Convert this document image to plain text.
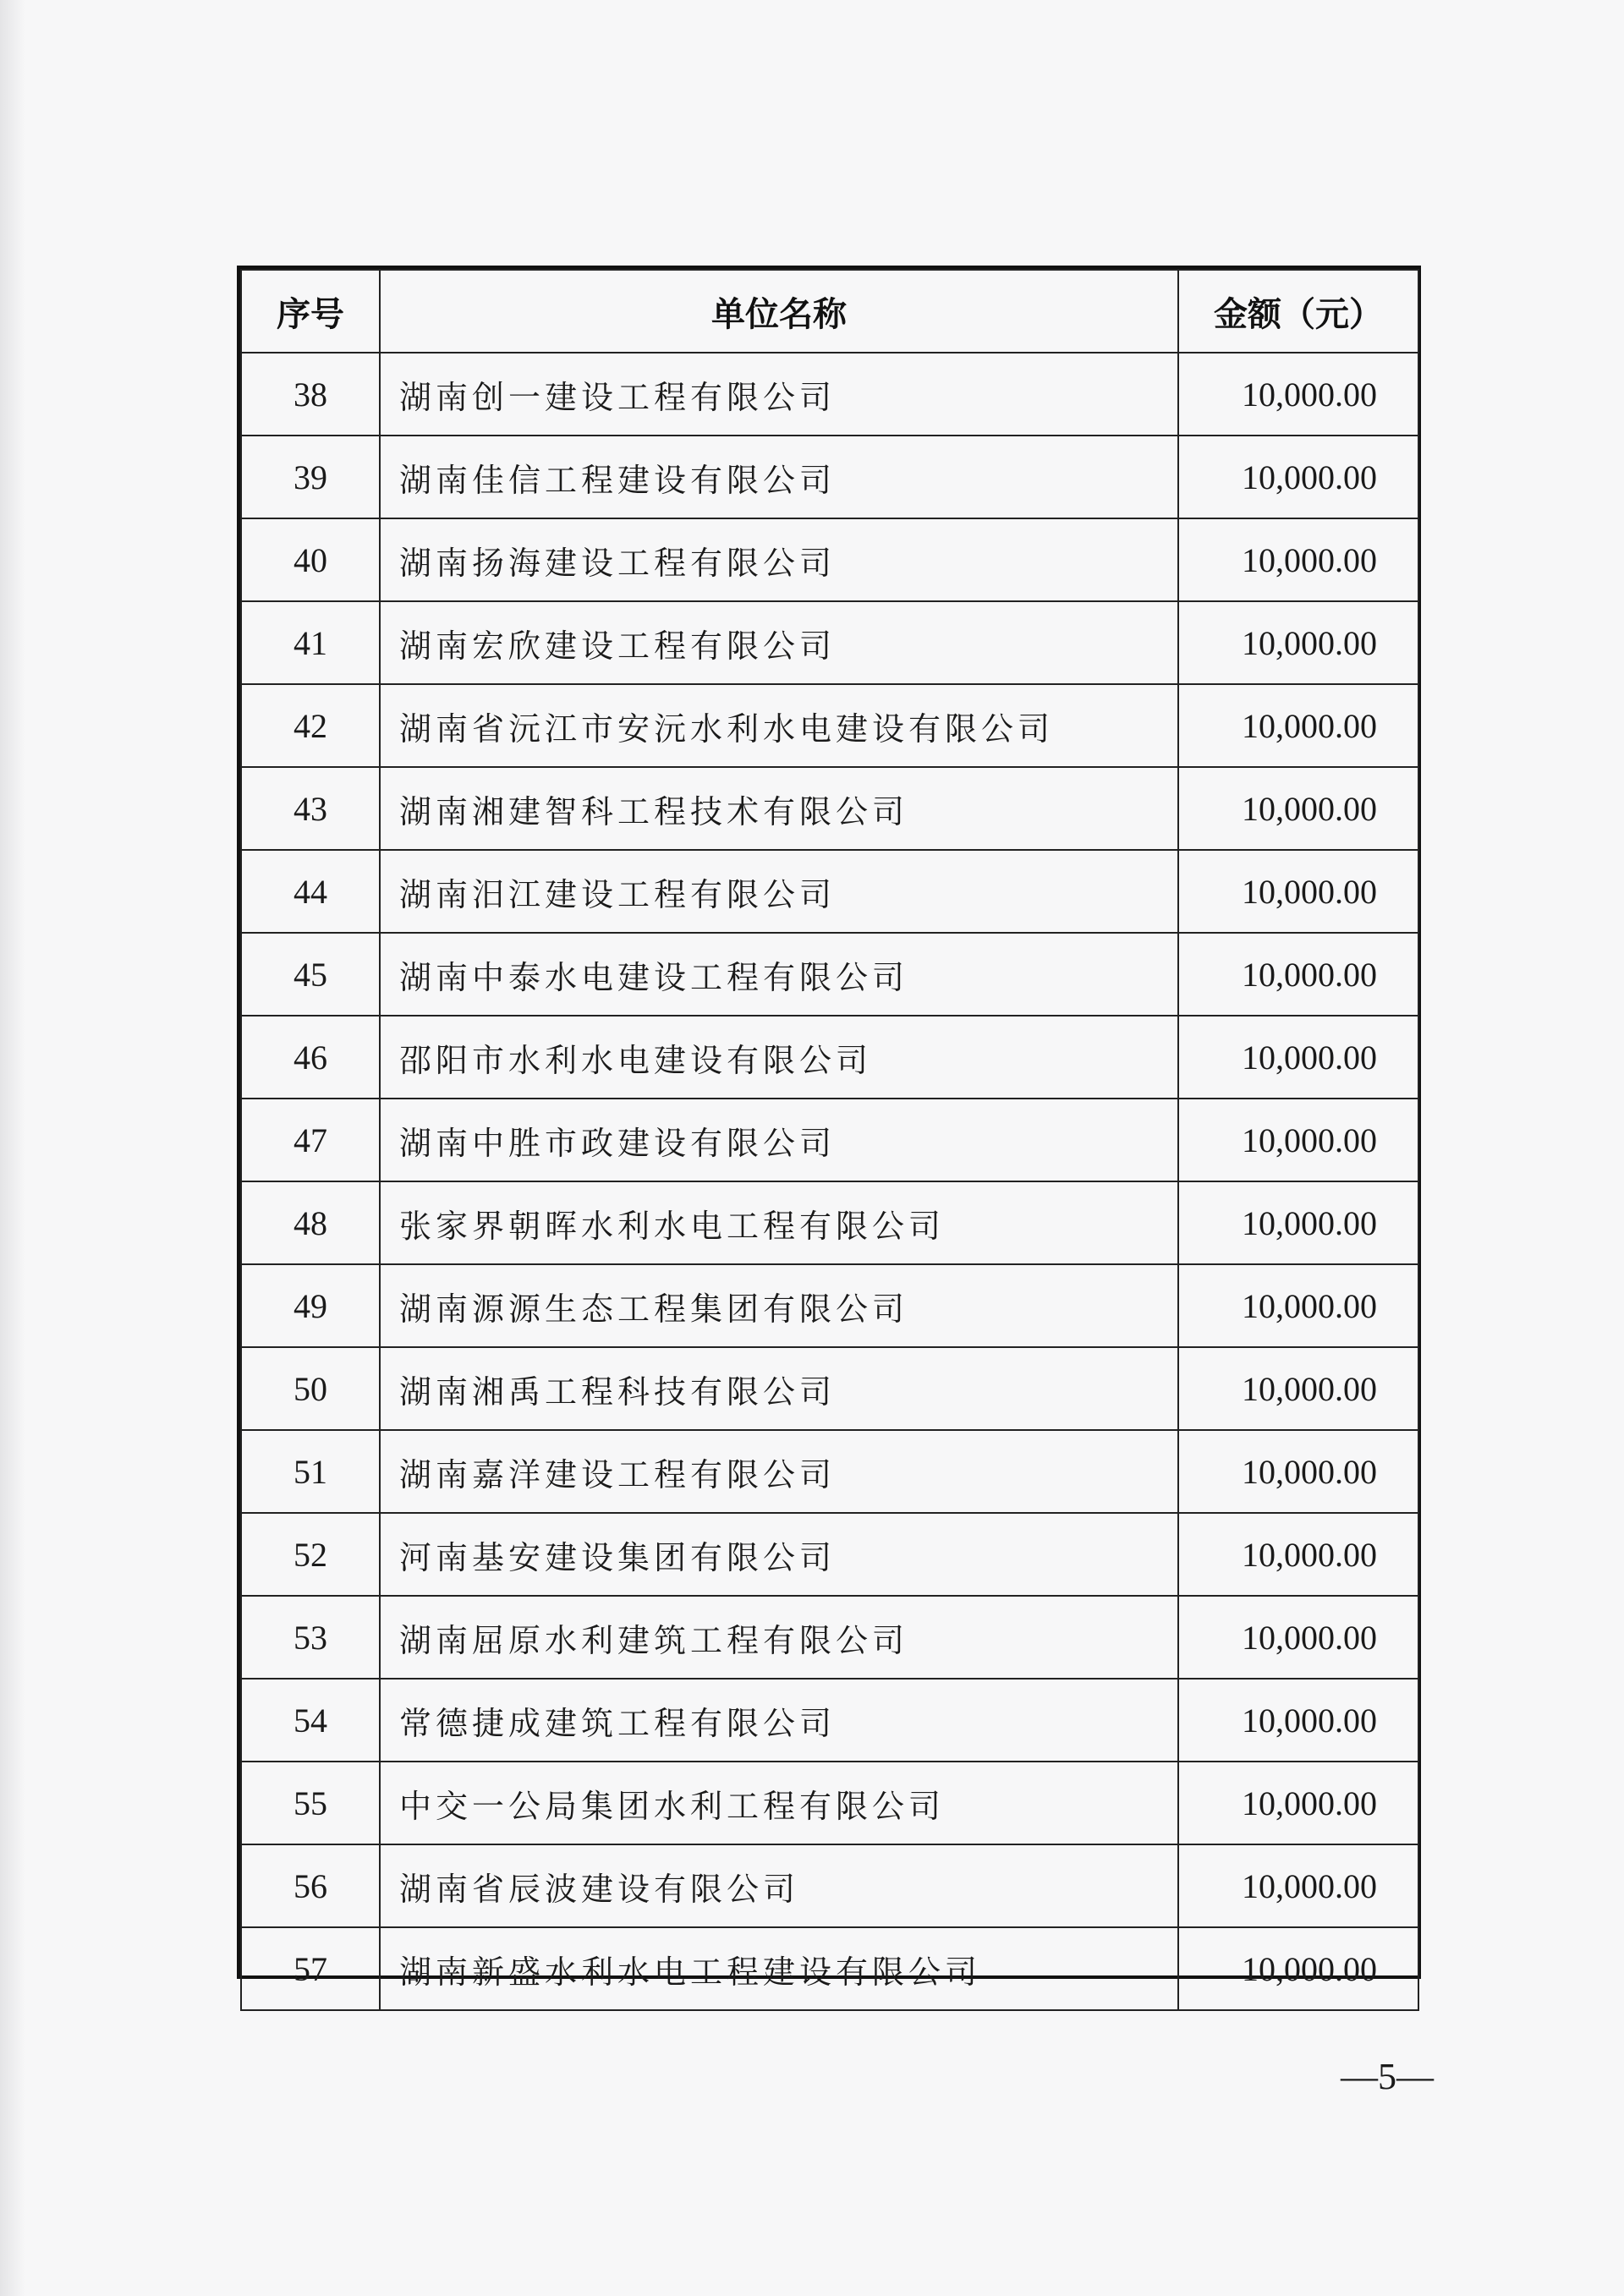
序号	单位名称	金额（元）
38	湖南创一建设工程有限公司	10,000.00
39	湖南佳信工程建设有限公司	10,000.00
40	湖南扬海建设工程有限公司	10,000.00
41	湖南宏欣建设工程有限公司	10,000.00
42	湖南省沅江市安沅水利水电建设有限公司	10,000.00
43	湖南湘建智科工程技术有限公司	10,000.00
44	湖南汨江建设工程有限公司	10,000.00
45	湖南中泰水电建设工程有限公司	10,000.00
46	邵阳市水利水电建设有限公司	10,000.00
47	湖南中胜市政建设有限公司	10,000.00
48	张家界朝晖水利水电工程有限公司	10,000.00
49	湖南源源生态工程集团有限公司	10,000.00
50	湖南湘禹工程科技有限公司	10,000.00
51	湖南嘉洋建设工程有限公司	10,000.00
52	河南基安建设集团有限公司	10,000.00
53	湖南屈原水利建筑工程有限公司	10,000.00
54	常德捷成建筑工程有限公司	10,000.00
55	中交一公局集团水利工程有限公司	10,000.00
56	湖南省辰波建设有限公司	10,000.00
57	湖南新盛水利水电工程建设有限公司	10,000.00
—5—
